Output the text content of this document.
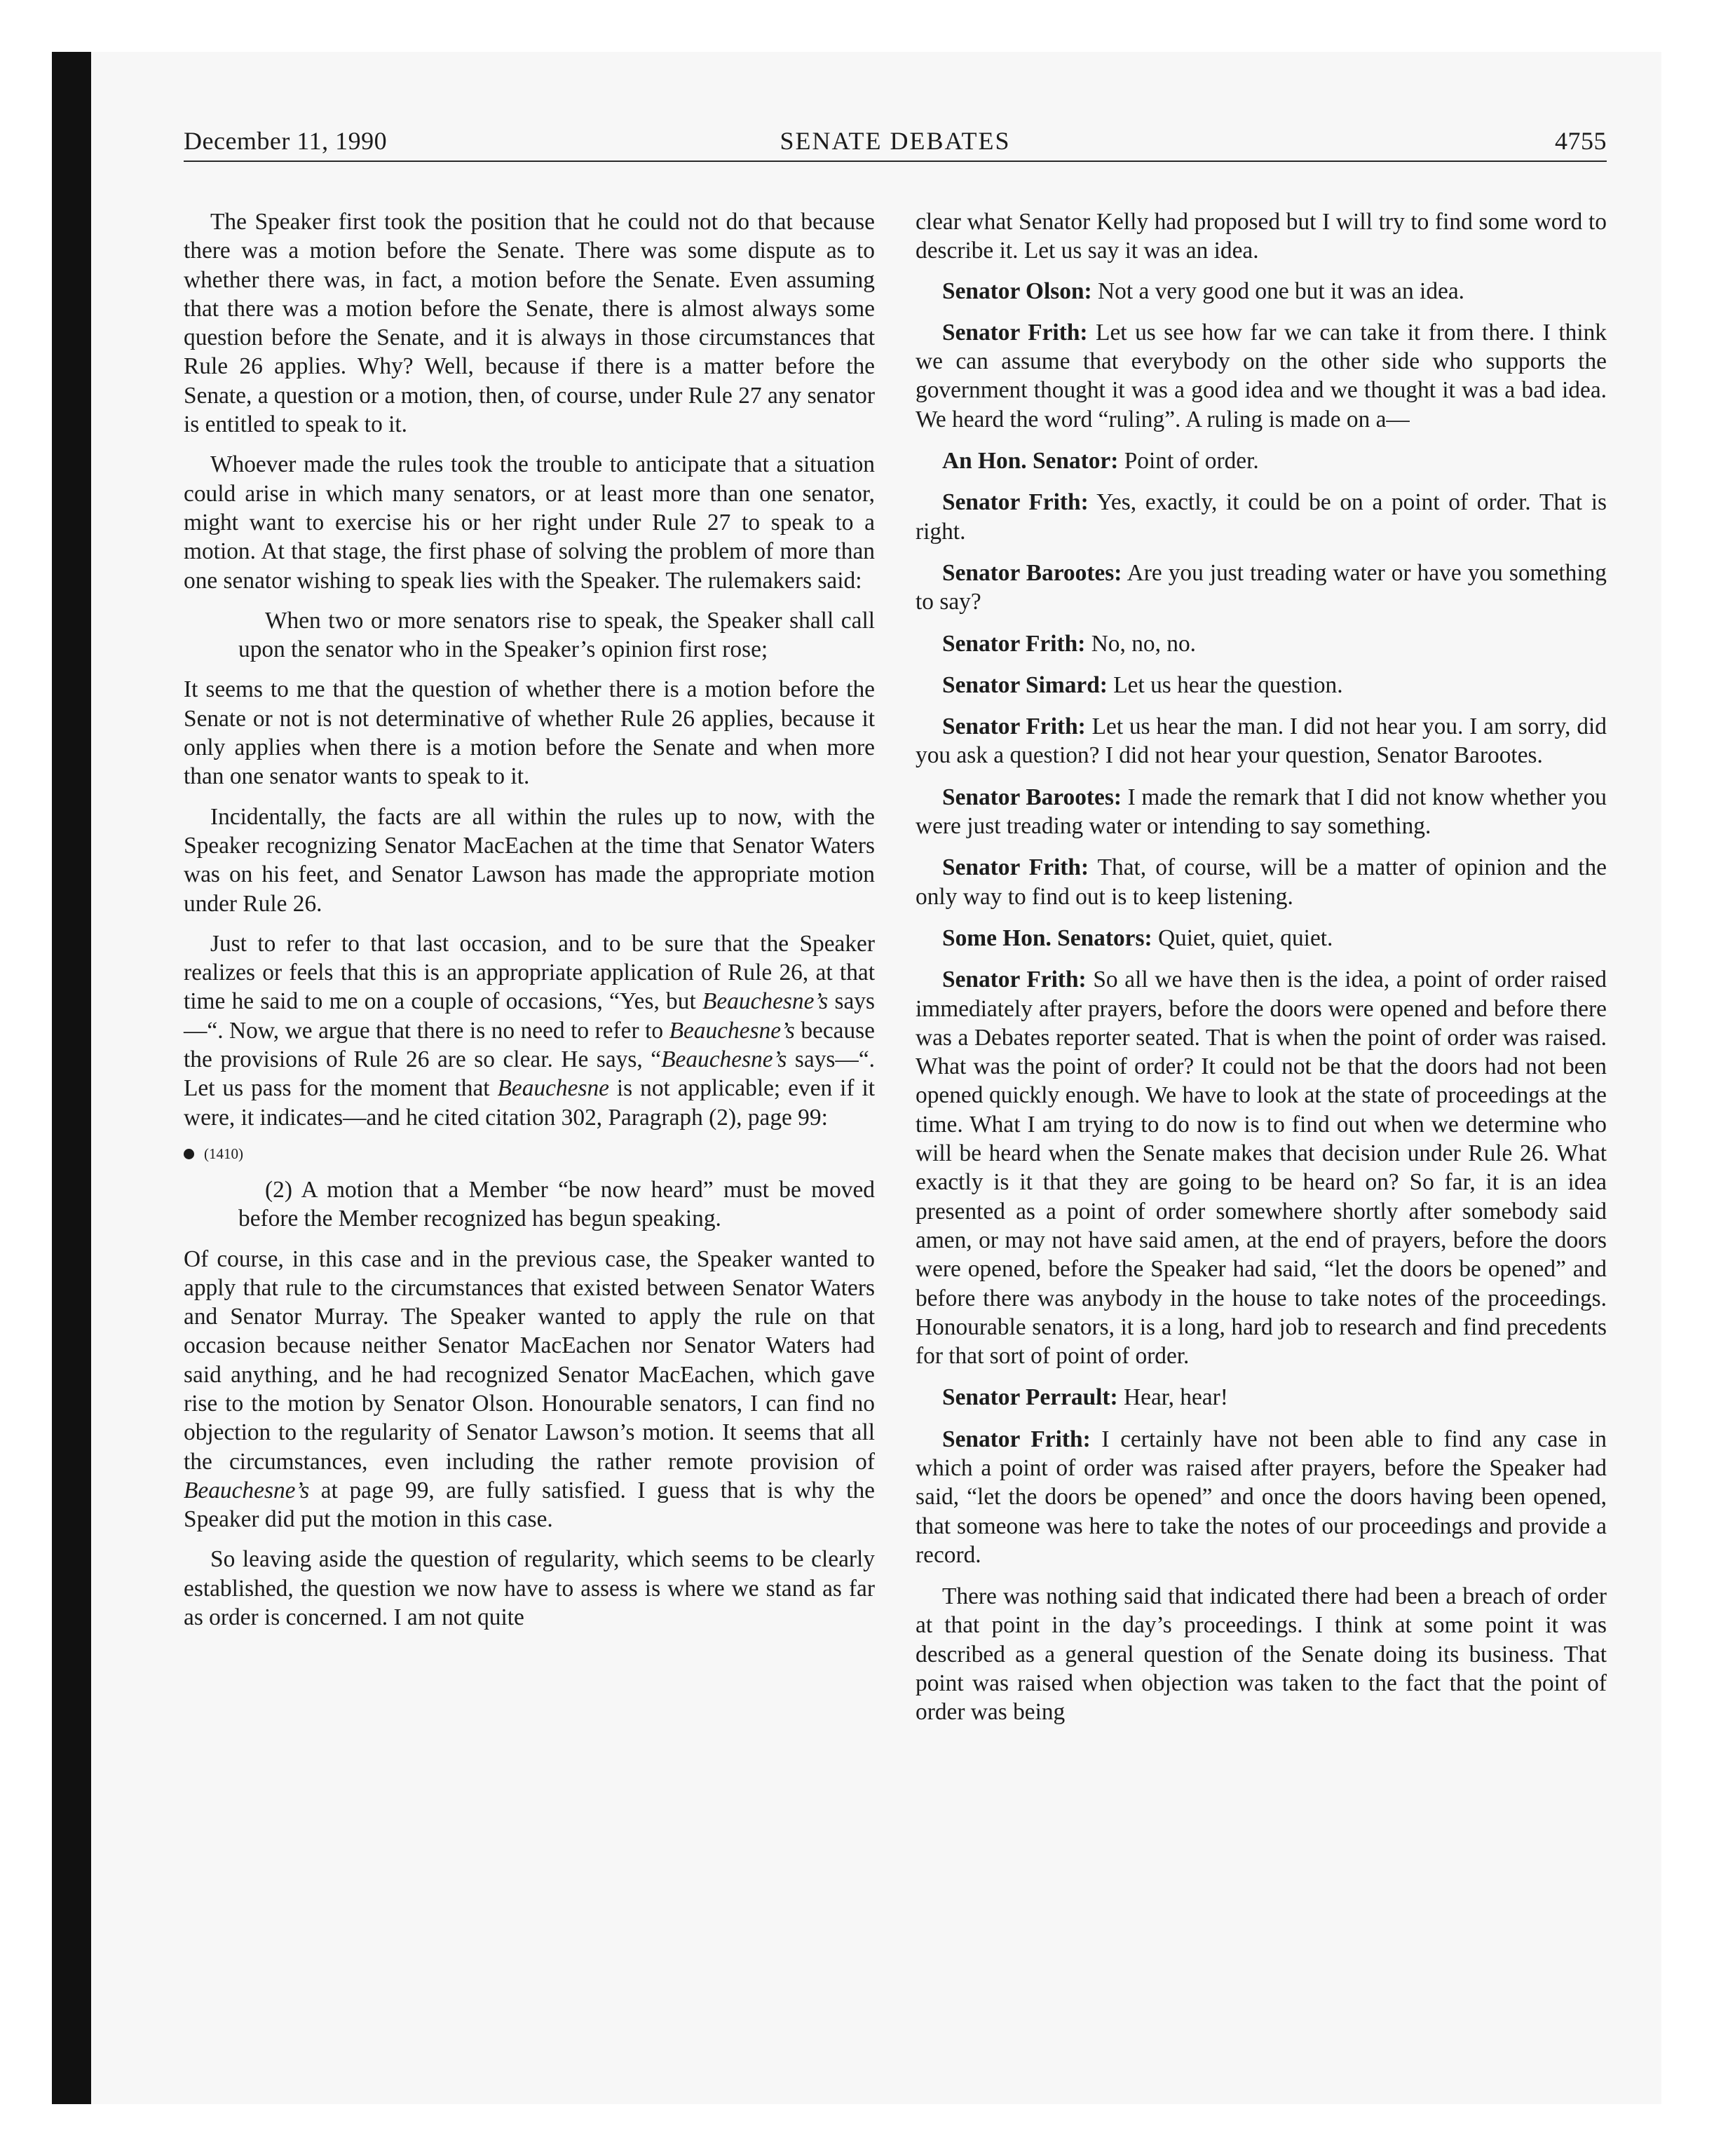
December 11, 1990	SENATE DEBATES	4755

The Speaker first took the position that he could not do that because there was a motion before the Senate. There was some dispute as to whether there was, in fact, a motion before the Senate. Even assuming that there was a motion before the Senate, there is almost always some question before the Senate, and it is always in those circumstances that Rule 26 applies. Why? Well, because if there is a matter before the Senate, a question or a motion, then, of course, under Rule 27 any senator is entitled to speak to it.

Whoever made the rules took the trouble to anticipate that a situation could arise in which many senators, or at least more than one senator, might want to exercise his or her right under Rule 27 to speak to a motion. At that stage, the first phase of solving the problem of more than one senator wishing to speak lies with the Speaker. The rulemakers said:

When two or more senators rise to speak, the Speaker shall call upon the senator who in the Speaker’s opinion first rose;

It seems to me that the question of whether there is a motion before the Senate or not is not determinative of whether Rule 26 applies, because it only applies when there is a motion before the Senate and when more than one senator wants to speak to it.

Incidentally, the facts are all within the rules up to now, with the Speaker recognizing Senator MacEachen at the time that Senator Waters was on his feet, and Senator Lawson has made the appropriate motion under Rule 26.

Just to refer to that last occasion, and to be sure that the Speaker realizes or feels that this is an appropriate application of Rule 26, at that time he said to me on a couple of occasions, “Yes, but Beauchesne’s says—“. Now, we argue that there is no need to refer to Beauchesne’s because the provisions of Rule 26 are so clear. He says, “Beauchesne’s says—“. Let us pass for the moment that Beauchesne is not applicable; even if it were, it indicates—and he cited citation 302, Paragraph (2), page 99:

(1410)
(2) A motion that a Member “be now heard” must be moved before the Member recognized has begun speaking.

Of course, in this case and in the previous case, the Speaker wanted to apply that rule to the circumstances that existed between Senator Waters and Senator Murray. The Speaker wanted to apply the rule on that occasion because neither Senator MacEachen nor Senator Waters had said anything, and he had recognized Senator MacEachen, which gave rise to the motion by Senator Olson. Honourable senators, I can find no objection to the regularity of Senator Lawson’s motion. It seems that all the circumstances, even including the rather remote provision of Beauchesne’s at page 99, are fully satisfied. I guess that is why the Speaker did put the motion in this case.

So leaving aside the question of regularity, which seems to be clearly established, the question we now have to assess is where we stand as far as order is concerned. I am not quite

clear what Senator Kelly had proposed but I will try to find some word to describe it. Let us say it was an idea.

Senator Olson: Not a very good one but it was an idea.

Senator Frith: Let us see how far we can take it from there. I think we can assume that everybody on the other side who supports the government thought it was a good idea and we thought it was a bad idea. We heard the word “ruling”. A ruling is made on a—

An Hon. Senator: Point of order.

Senator Frith: Yes, exactly, it could be on a point of order. That is right.

Senator Barootes: Are you just treading water or have you something to say?

Senator Frith: No, no, no.

Senator Simard: Let us hear the question.

Senator Frith: Let us hear the man. I did not hear you. I am sorry, did you ask a question? I did not hear your question, Senator Barootes.

Senator Barootes: I made the remark that I did not know whether you were just treading water or intending to say something.

Senator Frith: That, of course, will be a matter of opinion and the only way to find out is to keep listening.

Some Hon. Senators: Quiet, quiet, quiet.

Senator Frith: So all we have then is the idea, a point of order raised immediately after prayers, before the doors were opened and before there was a Debates reporter seated. That is when the point of order was raised. What was the point of order? It could not be that the doors had not been opened quickly enough. We have to look at the state of proceedings at the time. What I am trying to do now is to find out when we determine who will be heard when the Senate makes that decision under Rule 26. What exactly is it that they are going to be heard on? So far, it is an idea presented as a point of order somewhere shortly after somebody said amen, or may not have said amen, at the end of prayers, before the doors were opened, before the Speaker had said, “let the doors be opened” and before there was anybody in the house to take notes of the proceedings. Honourable senators, it is a long, hard job to research and find precedents for that sort of point of order.

Senator Perrault: Hear, hear!

Senator Frith: I certainly have not been able to find any case in which a point of order was raised after prayers, before the Speaker had said, “let the doors be opened” and once the doors having been opened, that someone was here to take the notes of our proceedings and provide a record.

There was nothing said that indicated there had been a breach of order at that point in the day’s proceedings. I think at some point it was described as a general question of the Senate doing its business. That point was raised when objection was taken to the fact that the point of order was being
